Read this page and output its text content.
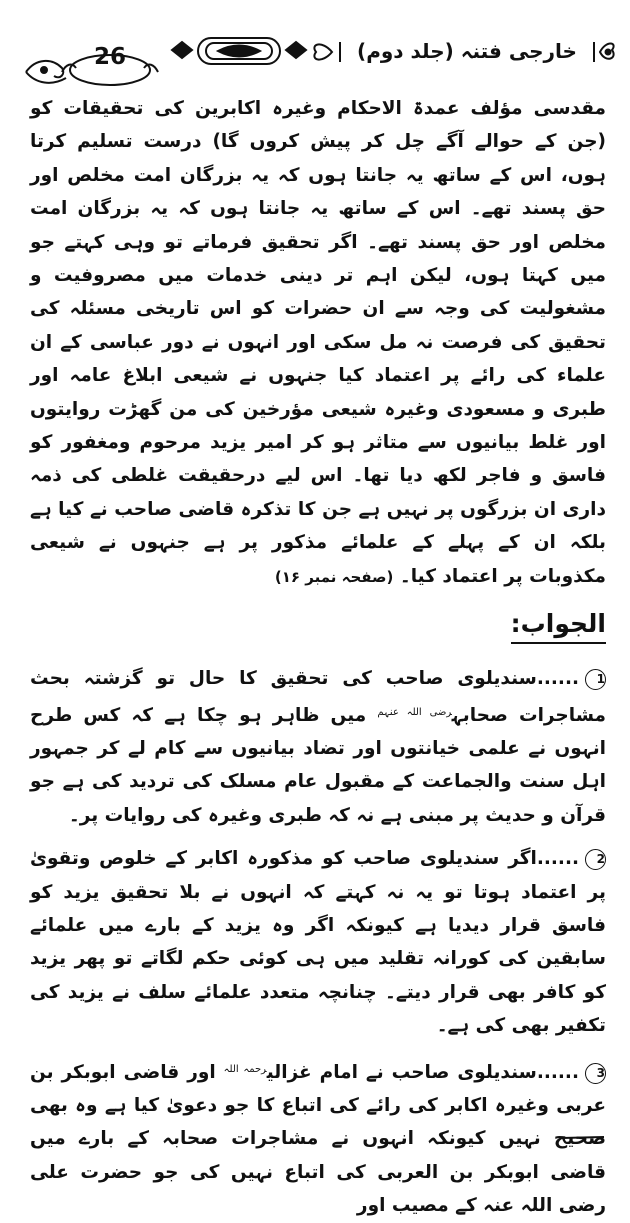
26	خارجی فتنہ (جلد دوم)

مقدسی مؤلف عمدۃ الاحکام وغیرہ اکابرین کی تحقیقات کو (جن کے حوالے آگے چل کر پیش کروں گا) درست تسلیم کرتا ہوں، اس کے ساتھ یہ جانتا ہوں کہ یہ بزرگان امت مخلص اور حق پسند تھے۔ اس کے ساتھ یہ جانتا ہوں کہ یہ بزرگان امت مخلص اور حق پسند تھے۔ اگر تحقیق فرماتے تو وہی کہتے جو میں کہتا ہوں، لیکن اہم تر دینی خدمات میں مصروفیت و مشغولیت کی وجہ سے ان حضرات کو اس تاریخی مسئلہ کی تحقیق کی فرصت نہ مل سکی اور انہوں نے دور عباسی کے ان علماء کی رائے پر اعتماد کیا جنہوں نے شیعی ابلاغ عامہ اور طبری و مسعودی وغیرہ شیعی مؤرخین کی من گھڑت روایتوں اور غلط بیانیوں سے متاثر ہو کر امیر یزید مرحوم ومغفور کو فاسق و فاجر لکھ دیا تھا۔ اس لیے درحقیقت غلطی کی ذمہ داری ان بزرگوں پر نہیں ہے جن کا تذکرہ قاضی صاحب نے کیا ہے بلکہ ان کے پہلے کے علمائے مذکور پر ہے جنہوں نے شیعی مکذوبات پر اعتماد کیا۔ (صفحہ نمبر ۱۶)

الجواب:

1......سندیلوی صاحب کی تحقیق کا حال تو گزشتہ بحث مشاجرات صحابہ$^{رضی اللہ عنہم}$ میں ظاہر ہو چکا ہے کہ کس طرح انہوں نے علمی خیانتوں اور تضاد بیانیوں سے کام لے کر جمہور اہل سنت والجماعت کے مقبول عام مسلک کی تردید کی ہے جو قرآن و حدیث پر مبنی ہے نہ کہ طبری وغیرہ کی روایات پر۔

2......اگر سندیلوی صاحب کو مذکورہ اکابر کے خلوص وتقویٰ پر اعتماد ہوتا تو یہ نہ کہتے کہ انہوں نے بلا تحقیق یزید کو فاسق قرار دیدیا ہے کیونکہ اگر وہ یزید کے بارے میں علمائے سابقین کی کورانہ تقلید میں ہی کوئی حکم لگاتے تو پھر یزید کو کافر بھی قرار دیتے۔ چنانچہ متعدد علمائے سلف نے یزید کی تکفیر بھی کی ہے۔

3......سندیلوی صاحب نے امام غزالی$^{رحمہ اللہ}$ اور قاضی ابوبکر بن عربی وغیرہ اکابر کی رائے کی اتباع کا جو دعویٰ کیا ہے وہ بھی صحیح نہیں کیونکہ انہوں نے مشاجرات صحابہ کے بارے میں قاضی ابوبکر بن العربی کی اتباع نہیں کی جو حضرت علی رضی اللہ عنہ کے مصیب اور
